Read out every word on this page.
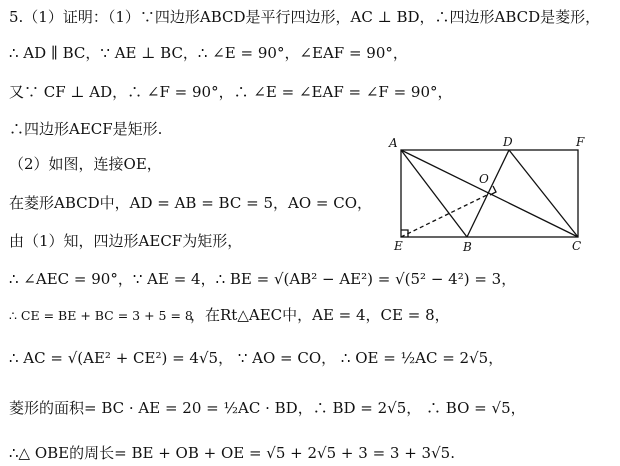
5.（1）证明：（1）∵四边形ABCD是平行四边形，AC ⊥ BD，∴四边形ABCD是菱形，
∴ AD ∥ BC，∵ AE ⊥ BC，∴ ∠E = 90°，∠EAF = 90°，
又∵ CF ⊥ AD，∴ ∠F = 90°，∴ ∠E = ∠EAF = ∠F = 90°，
∴四边形AECF是矩形.
（2）如图，连接OE，
在菱形ABCD中，AD = AB = BC = 5，AO = CO，
由（1）知，四边形AECF为矩形，
∴ ∠AEC = 90°，∵ AE = 4，∴ BE = √(AB² − AE²) = √(5² − 4²) = 3，
∴ CE = BE + BC = 3 + 5 = 8
，在Rt△AEC中，AE = 4，CE = 8，
∴ AC = √(AE² + CE²) = 4√5， ∵ AO = CO， ∴ OE = ½AC = 2√5，
菱形的面积= BC · AE = 20 = ½AC · BD，∴ BD = 2√5， ∴ BO = √5，
∴△ OBE的周长= BE + OB + OE = √5 + 2√5 + 3 = 3 + 3√5.
A	D	F
O
E	B	C
